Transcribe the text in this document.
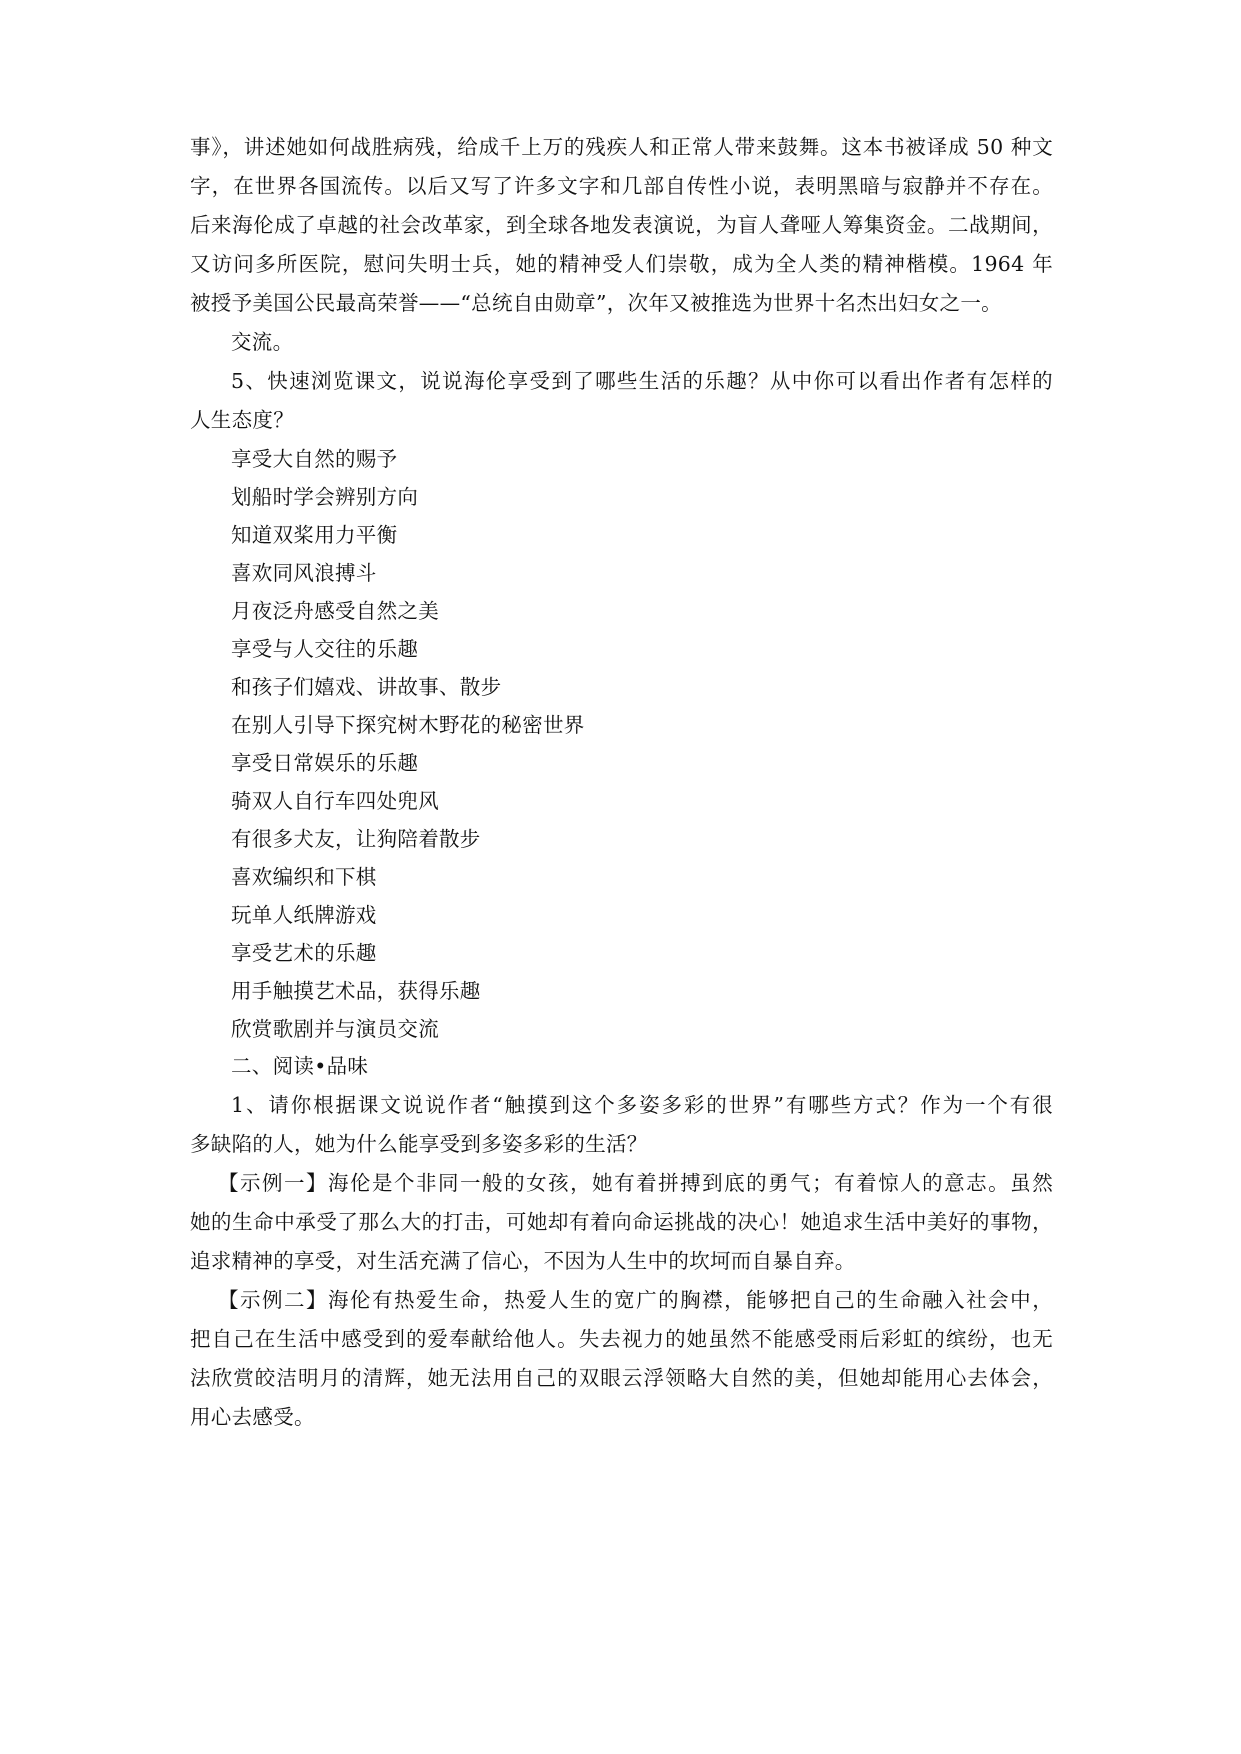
事》，讲述她如何战胜病残，给成千上万的残疾人和正常人带来鼓舞。这本书被译成 50 种文
字，在世界各国流传。以后又写了许多文字和几部自传性小说，表明黑暗与寂静并不存在。
后来海伦成了卓越的社会改革家，到全球各地发表演说，为盲人聋哑人筹集资金。二战期间，
又访问多所医院，慰问失明士兵，她的精神受人们崇敬，成为全人类的精神楷模。1964 年
被授予美国公民最高荣誉——“总统自由勋章”，次年又被推选为世界十名杰出妇女之一。
交流。
5、快速浏览课文，说说海伦享受到了哪些生活的乐趣？从中你可以看出作者有怎样的
人生态度？
享受大自然的赐予
划船时学会辨别方向
知道双桨用力平衡
喜欢同风浪搏斗
月夜泛舟感受自然之美
享受与人交往的乐趣
和孩子们嬉戏、讲故事、散步
在别人引导下探究树木野花的秘密世界
享受日常娱乐的乐趣
骑双人自行车四处兜风
有很多犬友，让狗陪着散步
喜欢编织和下棋
玩单人纸牌游戏
享受艺术的乐趣
用手触摸艺术品，获得乐趣
欣赏歌剧并与演员交流
二、阅读•品味
1、请你根据课文说说作者“触摸到这个多姿多彩的世界”有哪些方式？作为一个有很
多缺陷的人，她为什么能享受到多姿多彩的生活？
【示例一】海伦是个非同一般的女孩，她有着拼搏到底的勇气；有着惊人的意志。虽然
她的生命中承受了那么大的打击，可她却有着向命运挑战的决心！她追求生活中美好的事物，
追求精神的享受，对生活充满了信心，不因为人生中的坎坷而自暴自弃。
【示例二】海伦有热爱生命，热爱人生的宽广的胸襟，能够把自己的生命融入社会中，
把自己在生活中感受到的爱奉献给他人。失去视力的她虽然不能感受雨后彩虹的缤纷，也无
法欣赏皎洁明月的清辉，她无法用自己的双眼云浮领略大自然的美，但她却能用心去体会，
用心去感受。
